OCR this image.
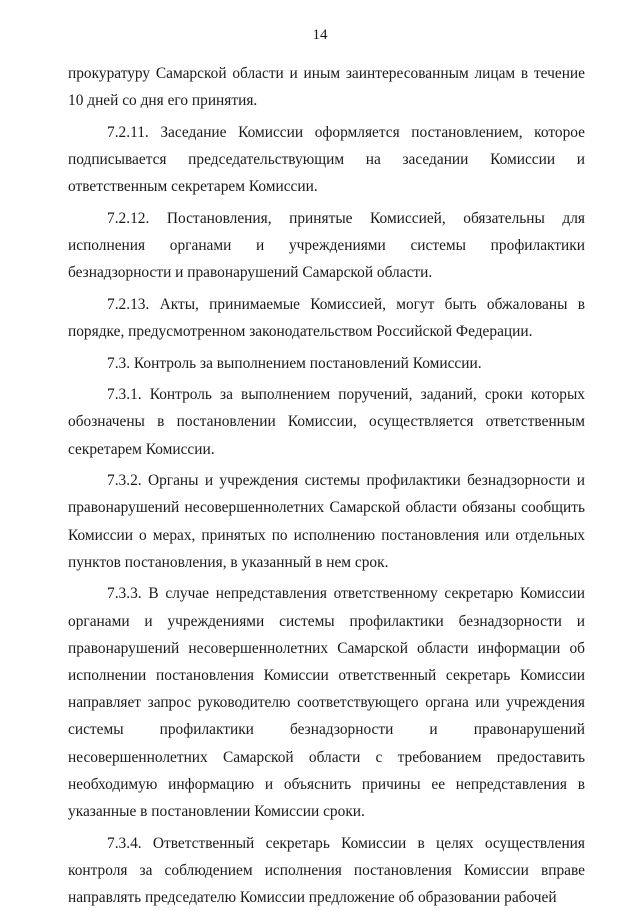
14

прокуратуру Самарской области и иным заинтересованным лицам в течение 10 дней со дня его принятия.

7.2.11. Заседание Комиссии оформляется постановлением, которое подписывается председательствующим на заседании Комиссии и ответственным секретарем Комиссии.

7.2.12. Постановления, принятые Комиссией, обязательны для исполнения органами и учреждениями системы профилактики безнадзорности и правонарушений Самарской области.

7.2.13. Акты, принимаемые Комиссией, могут быть обжалованы в порядке, предусмотренном законодательством Российской Федерации.

7.3. Контроль за выполнением постановлений Комиссии.

7.3.1. Контроль за выполнением поручений, заданий, сроки которых обозначены в постановлении Комиссии, осуществляется ответственным секретарем Комиссии.

7.3.2. Органы и учреждения системы профилактики безнадзорности и правонарушений несовершеннолетних Самарской области обязаны сообщить Комиссии о мерах, принятых по исполнению постановления или отдельных пунктов постановления, в указанный в нем срок.

7.3.3. В случае непредставления ответственному секретарю Комиссии органами и учреждениями системы профилактики безнадзорности и правонарушений несовершеннолетних Самарской области информации об исполнении постановления Комиссии ответственный секретарь Комиссии направляет запрос руководителю соответствующего органа или учреждения системы профилактики безнадзорности и правонарушений несовершеннолетних Самарской области с требованием предоставить необходимую информацию и объяснить причины ее непредставления в указанные в постановлении Комиссии сроки.

7.3.4. Ответственный секретарь Комиссии в целях осуществления контроля за соблюдением исполнения постановления Комиссии вправе направлять председателю Комиссии предложение об образовании рабочей
